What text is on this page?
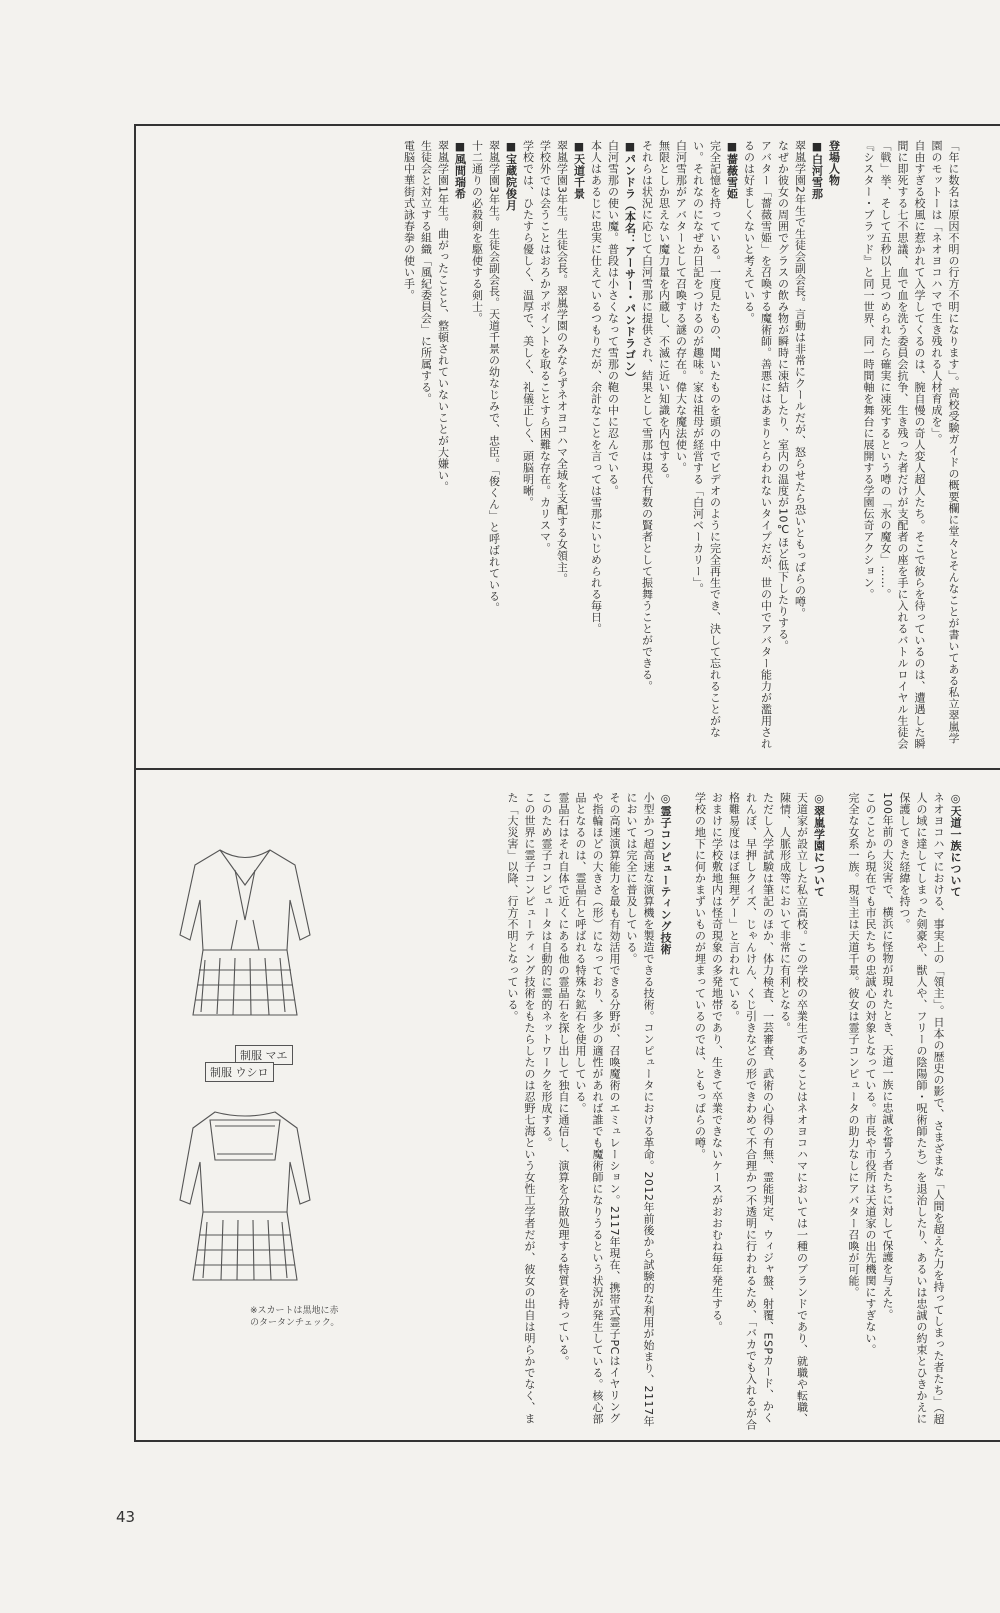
「年に数名は原因不明の行方不明になります」。高校受験ガイドの概要欄に堂々とそんなことが書いてある私立翠嵐学園のモットーは「ネオヨコハマで生き残れる人材育成を」。

自由すぎる校風に惹かれて入学してくるのは、腕自慢の奇人変人超人たち。そこで彼らを待っているのは、遭遇した瞬間に即死する七不思議、血で血を洗う委員会抗争、生き残った者だけが支配者の座を手に入れるバトルロイヤル生徒会「戦」挙、そして五秒以上見つめられたら確実に凍死するという噂の「氷の魔女」……。

『シスター・ブラッド』と同一世界、同一時間軸を舞台に展開する学園伝奇アクション。

登場人物

■白河雪那

翠嵐学園2年生で生徒会副会長。言動は非常にクールだが、怒らせたら恐いともっぱらの噂。

なぜか彼女の周囲でグラスの飲み物が瞬時に凍結したり、室内の温度が10℃ほど低下したりする。

アバター「薔薇雪姫」を召喚する魔術師。善悪にはあまりとらわれないタイプだが、世の中でアバター能力が濫用されるのは好ましくないと考えている。

■薔薇雪姫

完全記憶を持っている。一度見たもの、聞いたものを頭の中でビデオのように完全再生でき、決して忘れることがない。それなのになぜか日記をつけるのが趣味。家は祖母が経営する「白河ベーカリー」。

白河雪那がアバターとして召喚する謎の存在。偉大な魔法使い。

無限としか思えない魔力量を内蔵し、不滅に近い知識を内包する。

それらは状況に応じて白河雪那に提供され、結果として雪那は現代有数の賢者として振舞うことができる。

■パンドラ（本名：アーサー・パンドラゴン）

白河雪那の使い魔。普段は小さくなって雪那の鞄の中に忍んでいる。

本人はあるじに忠実に仕えているつもりだが、余計なことを言っては雪那にいじめられる毎日。

■天道千景

翠嵐学園3年生。生徒会長。翠嵐学園のみならずネオヨコハマ全域を支配する女領主。

学校外では会うことはおろかアポイントを取ることすら困難な存在。カリスマ。

学校では、ひたすら優しく、温厚で、美しく、礼儀正しく、頭脳明晰。

■宝蔵院俊月

翠嵐学園3年生。生徒会副会長。天道千景の幼なじみで、忠臣。「俊くん」と呼ばれている。

十二通りの必殺剣を駆使する剣士。

■風間瑞希

翠嵐学園1年生。曲がったことと、整頓されていないことが大嫌い。

生徒会と対立する組織「風紀委員会」に所属する。

電脳中華街式詠春拳の使い手。

◎天道一族について

ネオヨコハマにおける、事実上の「領主」。日本の歴史の影で、さまざまな「人間を超えた力を持ってしまった者たち」（超人の域に達してしまった剣豪や、獣人や、フリーの陰陽師・呪術師たち）を退治したり、あるいは忠誠の約束とひきかえに保護してきた経緯を持つ。

100年前の大災害で、横浜に怪物が現れたとき、天道一族に忠誠を誓う者たちに対して保護を与えた。

このことから現在でも市民たちの忠誠心の対象となっている。市長や市役所は天道家の出先機関にすぎない。

完全な女系一族。現当主は天道千景。彼女は霊子コンピュータの助力なしにアバター召喚が可能。

◎翠嵐学園について

天道家が設立した私立高校。この学校の卒業生であることはネオヨコハマにおいては一種のブランドであり、就職や転職、陳情、人脈形成等において非常に有利となる。

ただし入学試験は筆記のほか、体力検査、一芸審査、武術の心得の有無、霊能判定、ウィジャ盤、射覆、ESPカード、かくれんぼ、早押しクイズ、じゃんけん、くじ引きなどの形できわめて不合理かつ不透明に行われるため、「バカでも入れるが合格難易度はほぼ無理ゲー」と言われている。

おまけに学校敷地内は怪奇現象の多発地帯であり、生きて卒業できないケースがおおむね毎年発生する。

学校の地下に何かまずいものが埋まっているのでは、ともっぱらの噂。

◎霊子コンピューティング技術

小型かつ超高速な演算機を製造できる技術。コンピュータにおける革命。2012年前後から試験的な利用が始まり、2117年においては完全に普及している。

その高速演算能力を最も有効活用できる分野が、召喚魔術のエミュレーション。2117年現在、携帯式霊子PCはイヤリングや指輪ほどの大きさ（形）になっており、多少の適性があれば誰でも魔術師になりうるという状況が発生している。核心部品となるのは、霊晶石と呼ばれる特殊な鉱石を使用している。

霊晶石はそれ自体で近くにある他の霊晶石を探し出して独自に通信し、演算を分散処理する特質を持っている。

このため霊子コンピュータは自動的に霊的ネットワークを形成する。

この世界に霊子コンピューティング技術をもたらしたのは忍野七海という女性工学者だが、彼女の出自は明らかでなく、また「大災害」以降、行方不明となっている。

制服 マエ
制服 ウシロ
※スカートは黒地に赤のタータンチェック。
43
